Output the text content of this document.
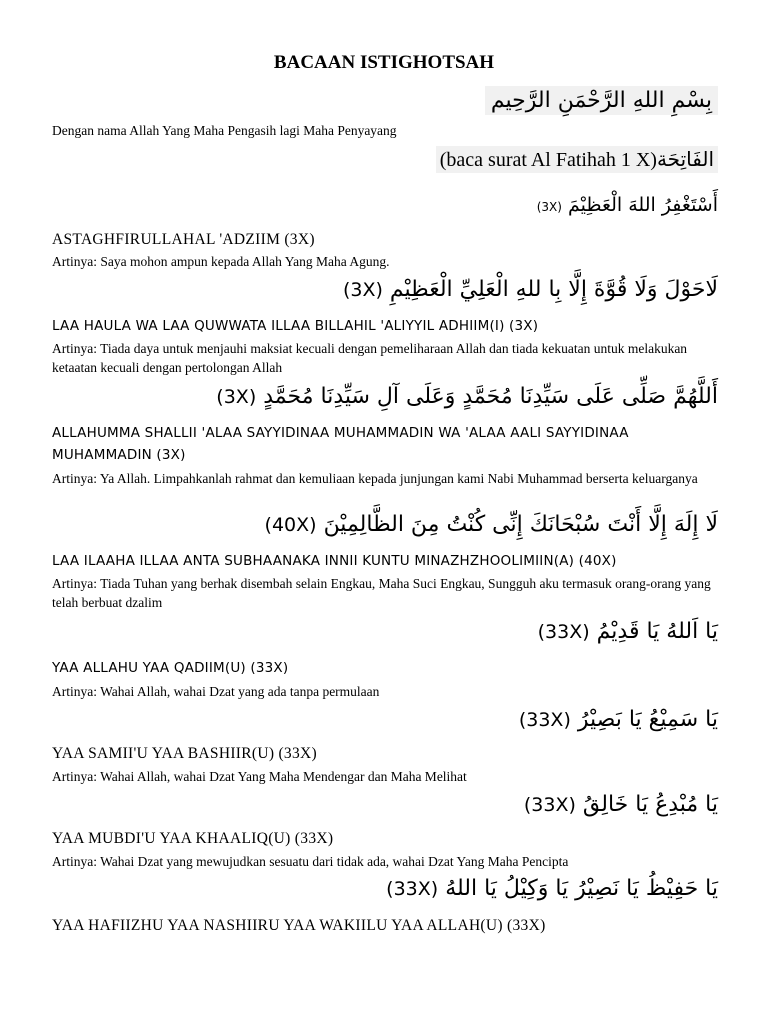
BACAAN ISTIGHOTSAH
بِسْمِ اللهِ الرَّحْمَنِ الرَّحِيم
Dengan nama Allah Yang Maha Pengasih lagi Maha Penyayang
(baca surat Al Fatihah 1 X)الفَاتِحَة
أَسْتَغْفِرُ اللهَ الْعَظِيْمَ (3X)
ASTAGHFIRULLAHAL 'ADZIIM (3X)
Artinya: Saya mohon ampun kepada Allah Yang Maha Agung.
لَاحَوْلَ وَلَا قُوَّةَ إِلَّا بِا للهِ الْعَلِيِّ الْعَظِيْمِ (3X)
LAA HAULA WA LAA QUWWATA ILLAA BILLAHIL 'ALIYYIL ADHIIM(I) (3X)
Artinya: Tiada daya untuk menjauhi maksiat kecuali dengan pemeliharaan Allah dan tiada kekuatan untuk melakukan ketaatan kecuali dengan pertolongan Allah
أَللَّهُمَّ صَلِّى عَلَى سَيِّدِنَا مُحَمَّدٍ وَعَلَى آلِ سَيِّدِنَا مُحَمَّدٍ (3X)
ALLAHUMMA SHALLII 'ALAA SAYYIDINAA MUHAMMADIN WA 'ALAA AALI SAYYIDINAA
MUHAMMADIN (3X)
Artinya: Ya Allah. Limpahkanlah rahmat dan kemuliaan kepada junjungan kami Nabi Muhammad berserta keluarganya
لَا إِلَهَ إِلَّا أَنْتَ سُبْحَانَكَ إِنِّى كُنْتُ مِنَ الظَّالِمِيْنَ (40X)
LAA ILAAHA ILLAA ANTA SUBHAANAKA INNII KUNTU MINAZHZHOOLIMIIN(A) (40X)
Artinya: Tiada Tuhan yang berhak disembah selain Engkau, Maha Suci Engkau, Sungguh aku termasuk orang-orang yang telah berbuat dzalim
يَا اَللهُ يَا قَدِيْمُ (33X)
YAA ALLAHU YAA QADIIM(U) (33X)
Artinya: Wahai Allah, wahai Dzat yang ada tanpa permulaan
يَا سَمِيْعُ يَا بَصِيْرُ (33X)
YAA SAMII'U YAA BASHIIR(U) (33X)
Artinya: Wahai Allah, wahai Dzat Yang Maha Mendengar dan Maha Melihat
يَا مُبْدِعُ يَا خَالِقُ (33X)
YAA MUBDI'U YAA KHAALIQ(U) (33X)
Artinya: Wahai Dzat yang mewujudkan sesuatu dari tidak ada, wahai Dzat Yang Maha Pencipta
يَا حَفِيْظُ يَا نَصِيْرُ يَا وَكِيْلُ يَا اللهُ (33X)
YAA HAFIIZHU YAA NASHIIRU YAA WAKIILU YAA ALLAH(U) (33X)
